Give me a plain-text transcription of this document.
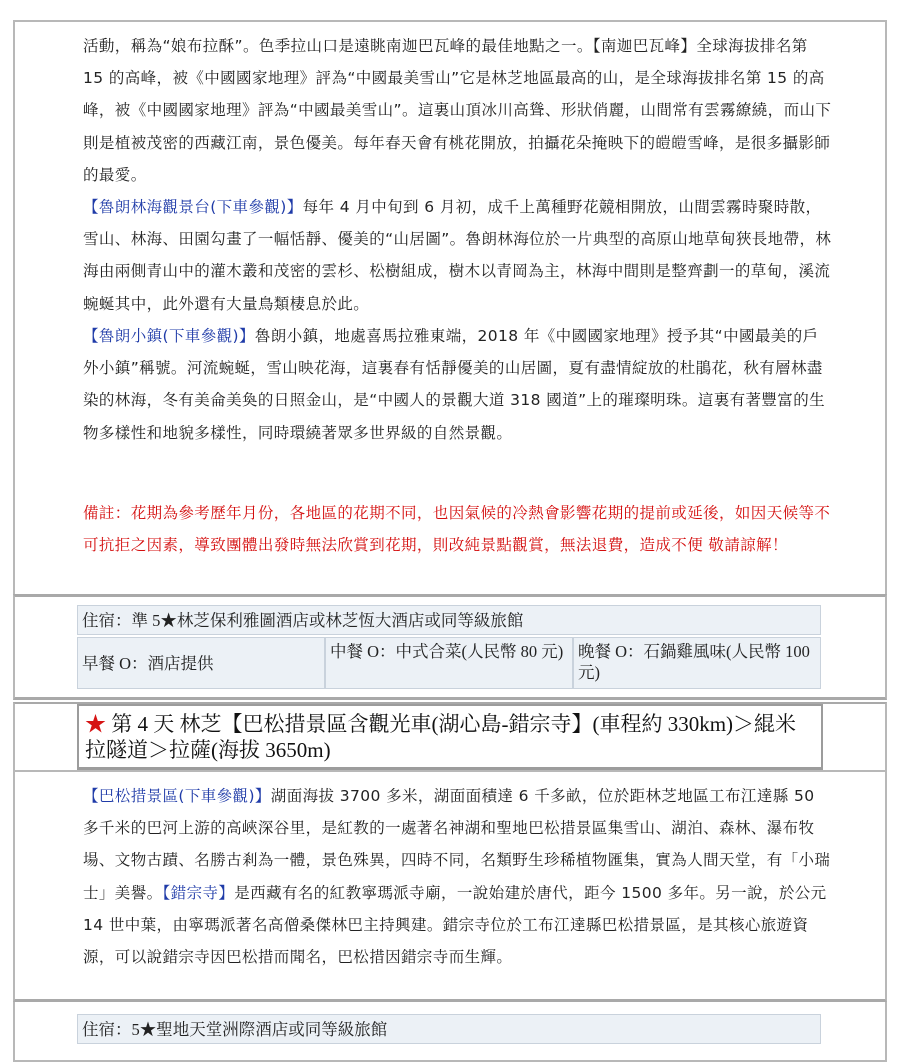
活動，稱為“娘布拉酥”。色季拉山口是遠眺南迦巴瓦峰的最佳地點之一。【南迦巴瓦峰】全球海拔排名第 15 的高峰，被《中國國家地理》評為“中國最美雪山”它是林芝地區最高的山，是全球海拔排名第 15 的高峰，被《中國國家地理》評為“中國最美雪山”。這裏山頂冰川高聳、形狀俏麗，山間常有雲霧繚繞，而山下則是植被茂密的西藏江南，景色優美。每年春天會有桃花開放，拍攝花朵掩映下的皚皚雪峰，是很多攝影師的最愛。

【魯朗林海觀景台(下車參觀)】每年 4 月中旬到 6 月初，成千上萬種野花競相開放，山間雲霧時聚時散，雪山、林海、田園勾畫了一幅恬靜、優美的“山居圖”。魯朗林海位於一片典型的高原山地草甸狹長地帶，林海由兩側青山中的灌木叢和茂密的雲杉、松樹組成，樹木以青岡為主，林海中間則是整齊劃一的草甸，溪流蜿蜒其中，此外還有大量鳥類棲息於此。

【魯朗小鎮(下車參觀)】魯朗小鎮，地處喜馬拉雅東端，2018 年《中國國家地理》授予其“中國最美的戶外小鎮”稱號。河流蜿蜒，雪山映花海，這裏春有恬靜優美的山居圖，夏有盡情綻放的杜鵑花，秋有層林盡染的林海，冬有美侖美奐的日照金山，是“中國人的景觀大道 318 國道”上的璀璨明珠。這裏有著豐富的生物多樣性和地貌多樣性，同時環繞著眾多世界級的自然景觀。

備註：花期為參考歷年月份，各地區的花期不同，也因氣候的冷熱會影響花期的提前或延後，如因天候等不可抗拒之因素，導致團體出發時無法欣賞到花期，則改純景點觀賞，無法退費，造成不便 敬請諒解！

住宿：準 5★林芝保利雅圖酒店或林芝恆大酒店或同等級旅館
早餐 O：酒店提供
中餐 O：中式合菜(人民幣 80 元) 晚餐 O：石鍋雞風味(人民幣 100 元)
★ 第 4 天 林芝【巴松措景區含觀光車(湖心島-錯宗寺】(車程約 330km)＞緄米拉隧道＞拉薩(海拔 3650m)

【巴松措景區(下車參觀)】湖面海拔 3700 多米，湖面面積達 6 千多畝，位於距林芝地區工布江達縣 50 多千米的巴河上游的高峽深谷里，是紅教的一處著名神湖和聖地巴松措景區集雪山、湖泊、森林、瀑布牧場、文物古蹟、名勝古剎為一體，景色殊異，四時不同，名類野生珍稀植物匯集，實為人間天堂，有「小瑞士」美譽。【錯宗寺】是西藏有名的紅教寧瑪派寺廟，一說始建於唐代，距今 1500 多年。另一說，於公元 14 世中葉，由寧瑪派著名高僧桑傑林巴主持興建。錯宗寺位於工布江達縣巴松措景區，是其核心旅遊資源，可以說錯宗寺因巴松措而聞名，巴松措因錯宗寺而生輝。

住宿：5★聖地天堂洲際酒店或同等級旅館
